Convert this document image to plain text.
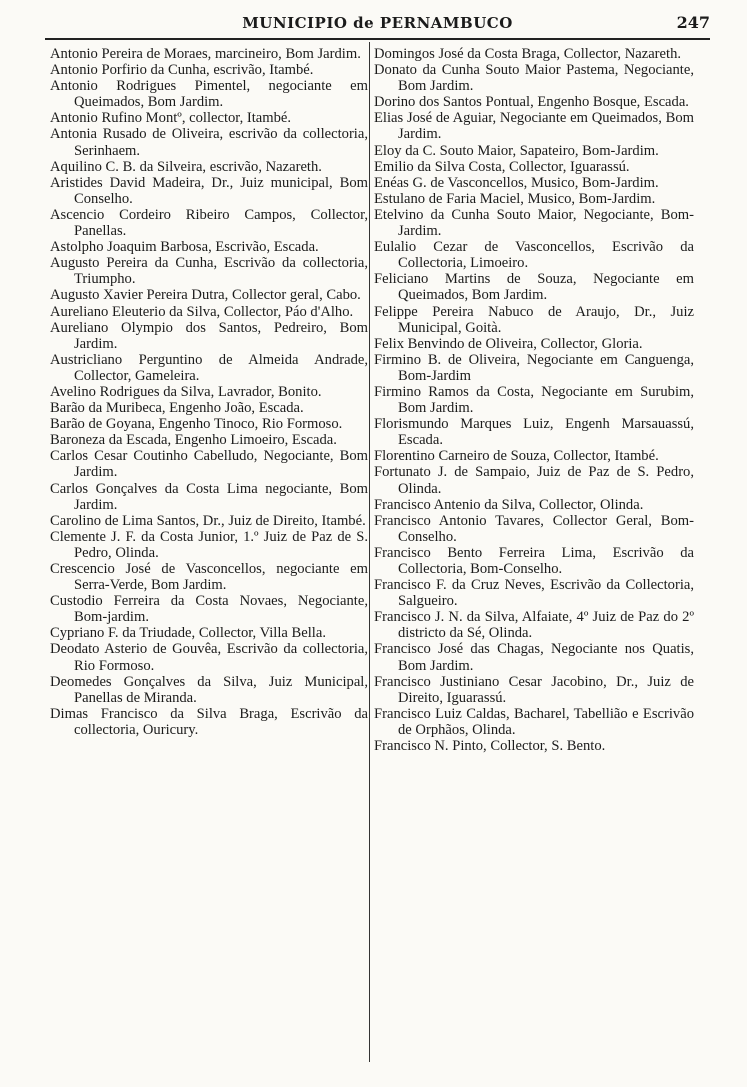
MUNICIPIO de PERNAMBUCO	247

Antonio Pereira de Moraes, marcineiro, Bom Jardim.

Antonio Porfirio da Cunha, escrivão, Itambé.

Antonio Rodrigues Pimentel, negociante em Queimados, Bom Jardim.

Antonio Rufino Montº, collector, Itambé.

Antonia Rusado de Oliveira, escrivão da collectoria, Serinhaem.

Aquilino C. B. da Silveira, escrivão, Nazareth.

Aristides David Madeira, Dr., Juiz municipal, Bom Conselho.

Ascencio Cordeiro Ribeiro Campos, Collector, Panellas.

Astolpho Joaquim Barbosa, Escrivão, Escada.

Augusto Pereira da Cunha, Escrivão da collectoria, Triumpho.

Augusto Xavier Pereira Dutra, Collector geral, Cabo.

Aureliano Eleuterio da Silva, Collector, Páo d'Alho.

Aureliano Olympio dos Santos, Pedreiro, Bom Jardim.

Austricliano Perguntino de Almeida Andrade, Collector, Gameleira.

Avelino Rodrigues da Silva, Lavrador, Bonito.

Barão da Muribeca, Engenho João, Escada.

Barão de Goyana, Engenho Tinoco, Rio Formoso.

Baroneza da Escada, Engenho Limoeiro, Escada.

Carlos Cesar Coutinho Cabelludo, Negociante, Bom Jardim.

Carlos Gonçalves da Costa Lima negociante, Bom Jardim.

Carolino de Lima Santos, Dr., Juiz de Direito, Itambé.

Clemente J. F. da Costa Junior, 1.º Juiz de Paz de S. Pedro, Olinda.

Crescencio José de Vasconcellos, negociante em Serra-Verde, Bom Jardim.

Custodio Ferreira da Costa Novaes, Negociante, Bom-jardim.

Cypriano F. da Triudade, Collector, Villa Bella.

Deodato Asterio de Gouvêa, Escrivão da collectoria, Rio Formoso.

Deomedes Gonçalves da Silva, Juiz Municipal, Panellas de Miranda.

Dimas Francisco da Silva Braga, Escrivão da collectoria, Ouricury.

Domingos José da Costa Braga, Collector, Nazareth.

Donato da Cunha Souto Maior Pastema, Negociante, Bom Jardim.

Dorino dos Santos Pontual, Engenho Bosque, Escada.

Elias José de Aguiar, Negociante em Queimados, Bom Jardim.

Eloy da C. Souto Maior, Sapateiro, Bom-Jardim.

Emilio da Silva Costa, Collector, Iguarassú.

Enéas G. de Vasconcellos, Musico, Bom-Jardim.

Estulano de Faria Maciel, Musico, Bom-Jardim.

Etelvino da Cunha Souto Maior, Negociante, Bom-Jardim.

Eulalio Cezar de Vasconcellos, Escrivão da Collectoria, Limoeiro.

Feliciano Martins de Souza, Negociante em Queimados, Bom Jardim.

Felippe Pereira Nabuco de Araujo, Dr., Juiz Municipal, Goità.

Felix Benvindo de Oliveira, Collector, Gloria.

Firmino B. de Oliveira, Negociante em Canguenga, Bom-Jardim

Firmino Ramos da Costa, Negociante em Surubim, Bom Jardim.

Florismundo Marques Luiz, Engenh Marsauassú, Escada.

Florentino Carneiro de Souza, Collector, Itambé.

Fortunato J. de Sampaio, Juiz de Paz de S. Pedro, Olinda.

Francisco Antenio da Silva, Collector, Olinda.

Francisco Antonio Tavares, Collector Geral, Bom-Conselho.

Francisco Bento Ferreira Lima, Escrivão da Collectoria, Bom-Conselho.

Francisco F. da Cruz Neves, Escrivão da Collectoria, Salgueiro.

Francisco J. N. da Silva, Alfaiate, 4º Juiz de Paz do 2º districto da Sé, Olinda.

Francisco José das Chagas, Negociante nos Quatis, Bom Jardim.

Francisco Justiniano Cesar Jacobino, Dr., Juiz de Direito, Iguarassú.

Francisco Luiz Caldas, Bacharel, Tabellião e Escrivão de Orphãos, Olinda.

Francisco N. Pinto, Collector, S. Bento.
